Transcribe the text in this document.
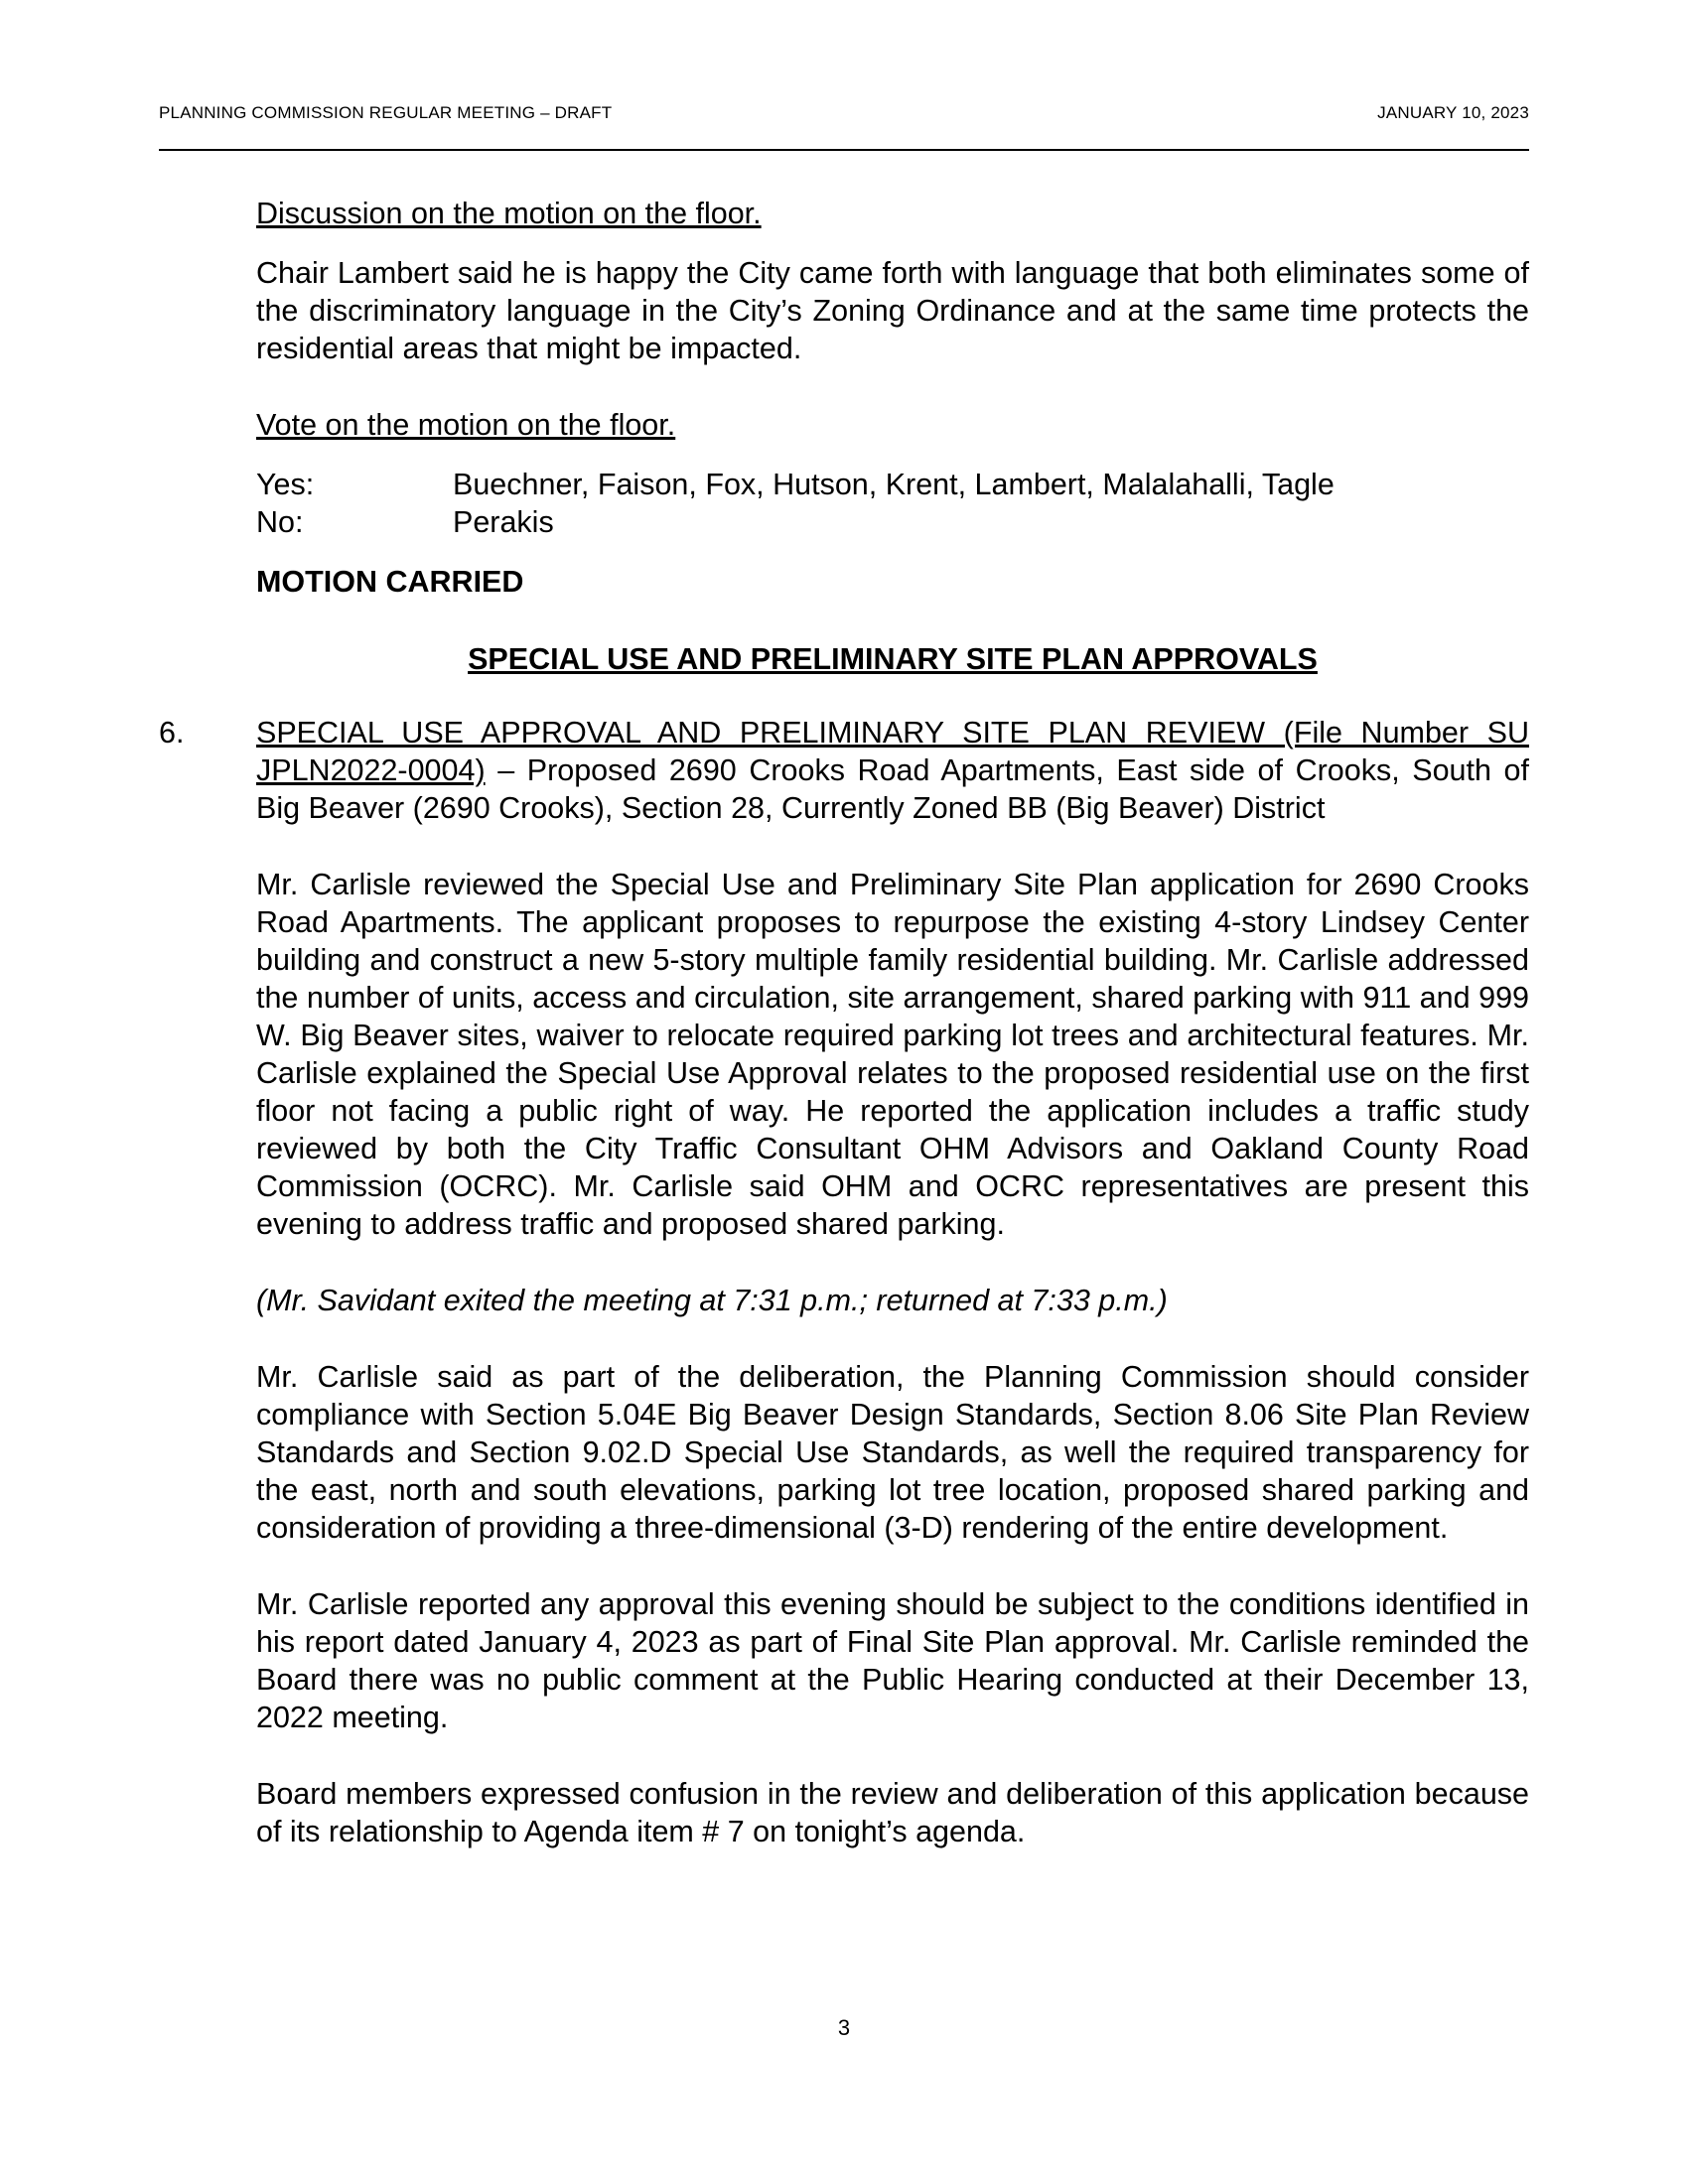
PLANNING COMMISSION REGULAR MEETING – DRAFT	JANUARY 10, 2023

Discussion on the motion on the floor.

Chair Lambert said he is happy the City came forth with language that both eliminates some of the discriminatory language in the City’s Zoning Ordinance and at the same time protects the residential areas that might be impacted.

Vote on the motion on the floor.

Yes:	Buechner, Faison, Fox, Hutson, Krent, Lambert, Malalahalli, Tagle
No:	Perakis

MOTION CARRIED

SPECIAL USE AND PRELIMINARY SITE PLAN APPROVALS

6. SPECIAL USE APPROVAL AND PRELIMINARY SITE PLAN REVIEW (File Number SU JPLN2022-0004) – Proposed 2690 Crooks Road Apartments, East side of Crooks, South of Big Beaver (2690 Crooks), Section 28, Currently Zoned BB (Big Beaver) District

Mr. Carlisle reviewed the Special Use and Preliminary Site Plan application for 2690 Crooks Road Apartments. The applicant proposes to repurpose the existing 4-story Lindsey Center building and construct a new 5-story multiple family residential building. Mr. Carlisle addressed the number of units, access and circulation, site arrangement, shared parking with 911 and 999 W. Big Beaver sites, waiver to relocate required parking lot trees and architectural features. Mr. Carlisle explained the Special Use Approval relates to the proposed residential use on the first floor not facing a public right of way. He reported the application includes a traffic study reviewed by both the City Traffic Consultant OHM Advisors and Oakland County Road Commission (OCRC). Mr. Carlisle said OHM and OCRC representatives are present this evening to address traffic and proposed shared parking.

(Mr. Savidant exited the meeting at 7:31 p.m.; returned at 7:33 p.m.)

Mr. Carlisle said as part of the deliberation, the Planning Commission should consider compliance with Section 5.04E Big Beaver Design Standards, Section 8.06 Site Plan Review Standards and Section 9.02.D Special Use Standards, as well the required transparency for the east, north and south elevations, parking lot tree location, proposed shared parking and consideration of providing a three-dimensional (3-D) rendering of the entire development.

Mr. Carlisle reported any approval this evening should be subject to the conditions identified in his report dated January 4, 2023 as part of Final Site Plan approval. Mr. Carlisle reminded the Board there was no public comment at the Public Hearing conducted at their December 13, 2022 meeting.

Board members expressed confusion in the review and deliberation of this application because of its relationship to Agenda item # 7 on tonight’s agenda.

3
